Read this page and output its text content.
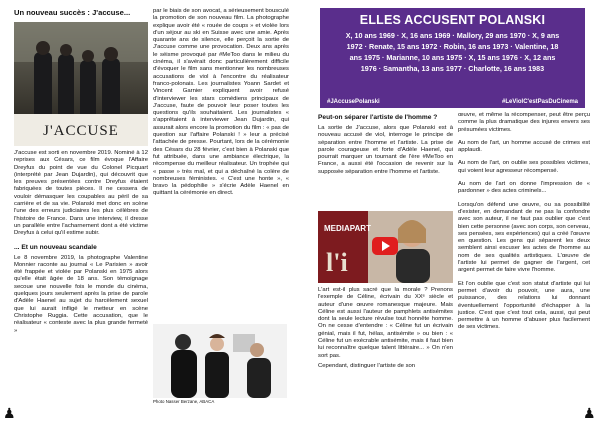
Un nouveau succès : J'accuse...
J'ACCUSE

J'accuse est sorti en novembre 2019. Nominé à 12 reprises aux Césars, ce film évoque l'Affaire Dreyfus du point de vue du Colonel Picquart (interprété par Jean Dujardin), qui découvrit que les preuves présentées contre Dreyfus étaient fabriquées de toutes pièces. Il ne cessera de vouloir démasquer les coupables au péril de sa carrière et de sa vie. Polanski met donc en scène l'une des erreurs judiciaires les plus célèbres de l'histoire de France. Dans une interview, il dresse un parallèle entre l'acharnement dont a été victime Dreyfus à celui qu'il estime subir.

... Et un nouveau scandale

Le 8 novembre 2019, la photographe Valentine Monnier raconte au journal « Le Parisien » avoir été frappée et violée par Polanski en 1975 alors qu'elle était âgée de 18 ans. Son témoignage secoue une nouvelle fois le monde du cinéma, quelques jours seulement après la prise de parole d'Adèle Haenel au sujet du harcèlement sexuel que lui aurait infligé le metteur en scène Christophe Ruggia. Cette accusation, que le réalisateur « conteste avec la plus grande fermeté »

par le biais de son avocat, a sérieusement bousculé la promotion de son nouveau film. La photographe explique avoir été « rouée de coups » et violée lors d'un séjour au ski en Suisse avec une amie. Après quarante ans de silence, elle perçoit la sortie de J'accuse comme une provocation. Deux ans après le séisme provoqué par #MeToo dans le milieu du cinéma, il s'avérait donc particulièrement difficile d'évoquer le film sans mentionner les nombreuses accusations de viol à l'encontre du réalisateur franco-polonais. Les journalistes Yoann Sardet et Vincent Garnier expliquent avoir refusé d'interviewer les stars comédiens principaux de J'accuse, faute de pouvoir leur poser toutes les questions qu'ils souhaitaient. Les journalistes « s'apprêtaient à interviewer Jean Dujardin, qui assurait alors encore la promotion du film : « pas de question sur l'affaire Polanski ! » leur a précisé l'attachée de presse. Pourtant, lors de la cérémonie des Césars du 28 février, c'est bien à Polanski que fut attribuée, dans une ambiance électrique, la récompense du meilleur réalisateur. Un trophée qui « passe » très mal, et qui a déchaîné la colère de nombreuses féministes. « C'est une honte », « bravo la pédophilie » s'écrie Adèle Haenel en quittant la cérémonie en direct.

Photo Nasser Berzane, ABACA
ELLES ACCUSENT POLANSKI
X, 10 ans 1969 · X, 16 ans 1969 · Mallory, 29 ans 1970 · X, 9 ans
1972 · Renate, 15 ans 1972 · Robin, 16 ans 1973 · Valentine, 18
ans 1975 · Marianne, 10 ans 1975 · X, 15 ans 1976 · X, 12 ans
1976 · Samantha, 13 ans 1977 · Charlotte, 16 ans 1983
#JAccusePolanski	#LeViolC'estPasDuCinema
Peut-on séparer l'artiste de l'homme ?

La sortie de J'accuse, alors que Polanski est à nouveau accusé de viol, interroge le principe de séparation entre l'homme et l'artiste. La prise de parole courageuse et forte d'Adèle Haenel, qui pourrait marquer un tournant de l'ère #MeToo en France, a aussi été l'occasion de revenir sur la supposée séparation entre l'homme et l'artiste.

MEDIAPART
l'i

L'art est-il plus sacré que la morale ? Prenons l'exemple de Céline, écrivain du XXᵉ siècle et auteur d'une œuvre romanesque majeure. Mais Céline est aussi l'auteur de pamphlets antisémites dont la seule lecture révulse tout honnête homme. On ne cesse d'entendre : « Céline fut un écrivain génial, mais il fut, hélas, antisémite » ou bien : « Céline fut un exécrable antisémite, mais il faut bien lui reconnaître quelque talent littéraire... » On n'en sort pas.

Cependant, distinguer l'artiste de son

œuvre, et même la récompenser, peut être perçu comme la plus dramatique des injures envers ses présumées victimes.

Au nom de l'art, un homme accusé de crimes est applaudi.

Au nom de l'art, on oublie ses possibles victimes, qui voient leur agresseur récompensé.

Au nom de l'art on donne l'impression de « pardonner » des actes criminels...

Lorsqu'on défend une œuvre, ou sa possibilité d'exister, en demandant de ne pas la confondre avec son auteur, il ne faut pas oublier que c'est bien cette personne (avec son corps, son cerveau, ses pensées, ses expériences) qui a créé l'œuvre en question. Les gens qui séparent les deux semblent ainsi excuser les actes de l'homme au nom de ses qualités artistiques. L'œuvre de l'artiste lui permet de gagner de l'argent, cet argent permet de faire vivre l'homme.

Et l'on oublie que c'est son statut d'artiste qui lui permet d'avoir du pouvoir, une aura, une puissance, des relations lui donnant éventuellement l'opportunité d'échapper à la justice. C'est que c'est tout cela, aussi, qui peut permettre à un homme d'abuser plus facilement de ses victimes.

♟	♟
